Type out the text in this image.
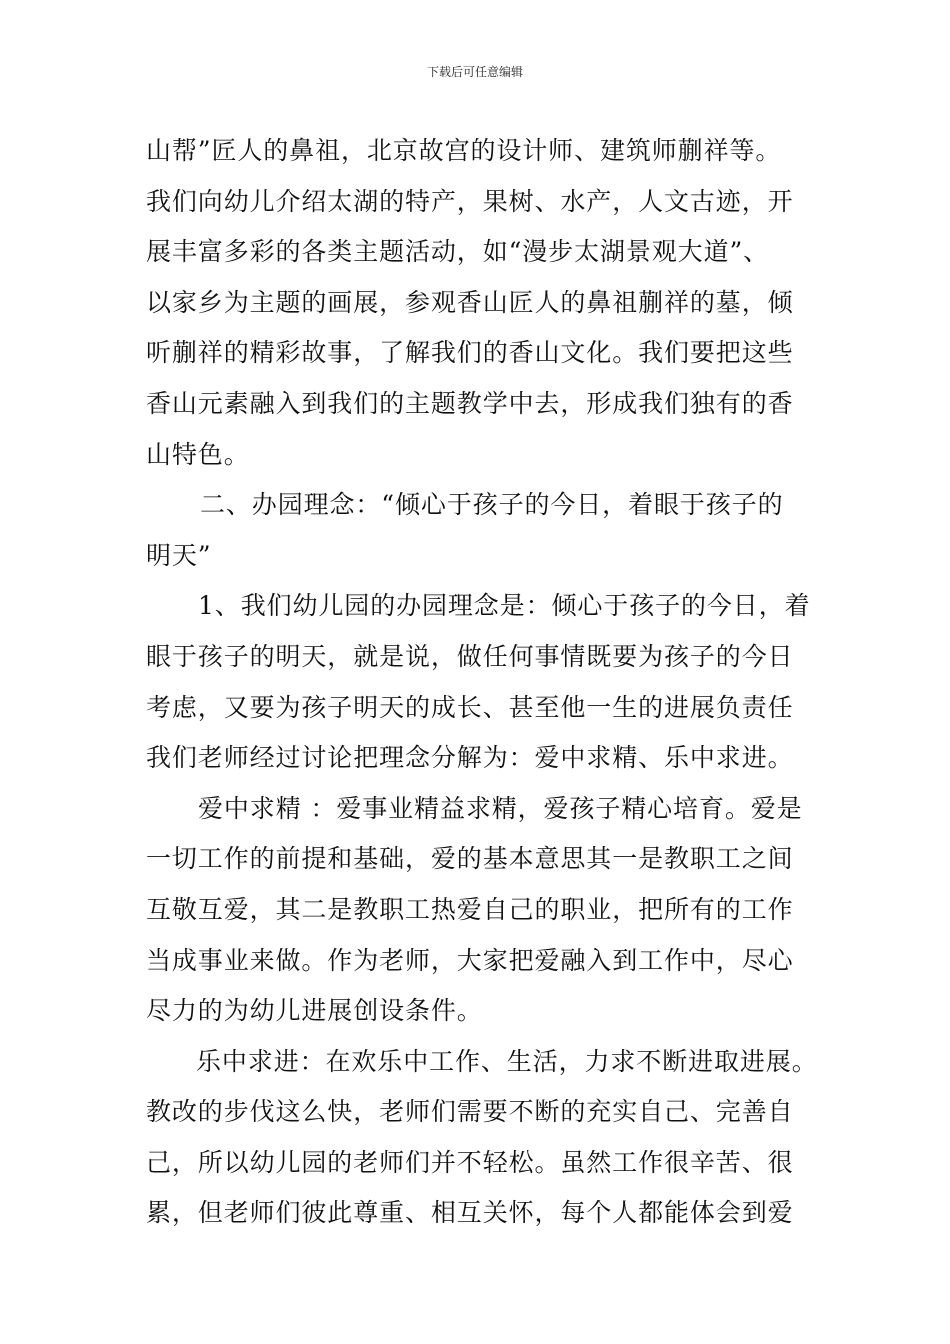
下载后可任意编辑
山帮”匠人的鼻祖，北京故宫的设计师、建筑师蒯祥等。
我们向幼儿介绍太湖的特产，果树、水产，人文古迹，开
展丰富多彩的各类主题活动，如“漫步太湖景观大道”、
以家乡为主题的画展，参观香山匠人的鼻祖蒯祥的墓，倾
听蒯祥的精彩故事，了解我们的香山文化。我们要把这些
香山元素融入到我们的主题教学中去，形成我们独有的香
山特色。
二、办园理念：“倾心于孩子的今日，着眼于孩子的
明天”
1、我们幼儿园的办园理念是：倾心于孩子的今日，着
眼于孩子的明天，就是说，做任何事情既要为孩子的今日
考虑，又要为孩子明天的成长、甚至他一生的进展负责任
我们老师经过讨论把理念分解为：爱中求精、乐中求进。
爱中求精 ：爱事业精益求精，爱孩子精心培育。爱是
一切工作的前提和基础，爱的基本意思其一是教职工之间
互敬互爱，其二是教职工热爱自己的职业，把所有的工作
当成事业来做。作为老师，大家把爱融入到工作中，尽心
尽力的为幼儿进展创设条件。
乐中求进：在欢乐中工作、生活，力求不断进取进展。
教改的步伐这么快，老师们需要不断的充实自己、完善自
己，所以幼儿园的老师们并不轻松。虽然工作很辛苦、很
累，但老师们彼此尊重、相互关怀，每个人都能体会到爱
